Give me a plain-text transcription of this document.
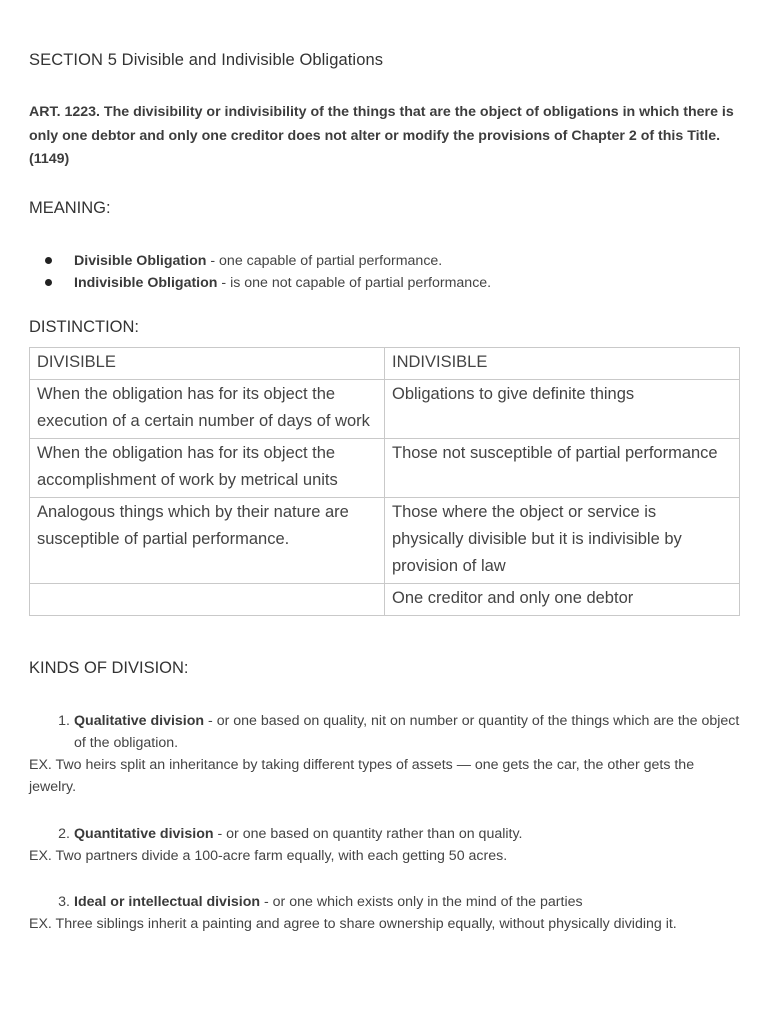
SECTION 5 Divisible and Indivisible Obligations
ART. 1223. The divisibility or indivisibility of the things that are the object of obligations in which there is only one debtor and only one creditor does not alter or modify the provisions of Chapter 2 of this Title. (1149)
MEANING:
Divisible Obligation - one capable of partial performance.
Indivisible Obligation - is one not capable of partial performance.
DISTINCTION:
DIVISIBLE	INDIVISIBLE
When the obligation has for its object the execution of a certain number of days of work	Obligations to give definite things
When the obligation has for its object the accomplishment of work by metrical units	Those not susceptible of partial performance
Analogous things which by their nature are susceptible of partial performance.	Those where the object or service is physically divisible but it is indivisible by provision of law
	One creditor and only one debtor
KINDS OF DIVISION:
1. Qualitative division - or one based on quality, nit on number or quantity of the things which are the object of the obligation.
EX. Two heirs split an inheritance by taking different types of assets — one gets the car, the other gets the jewelry.
2. Quantitative division - or one based on quantity rather than on quality.
EX. Two partners divide a 100-acre farm equally, with each getting 50 acres.
3. Ideal or intellectual division - or one which exists only in the mind of the parties
EX. Three siblings inherit a painting and agree to share ownership equally, without physically dividing it.
